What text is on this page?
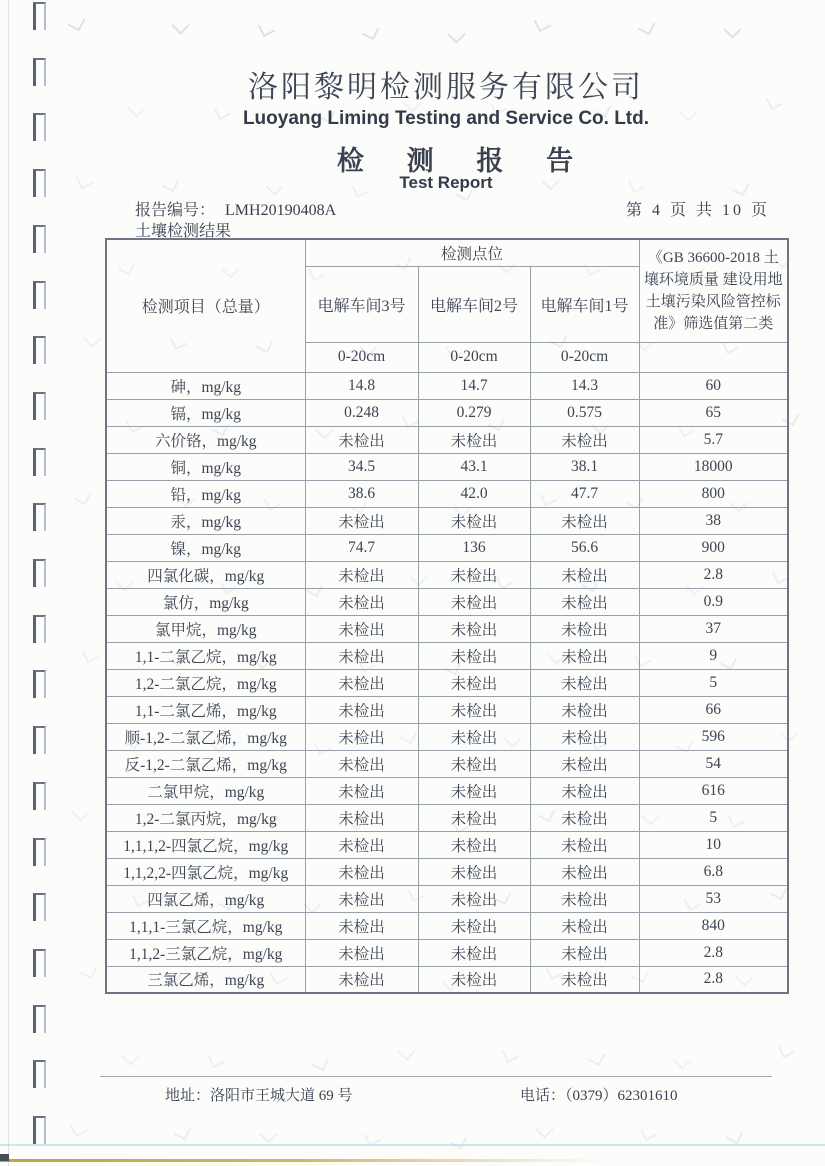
洛阳黎明检测服务有限公司
Luoyang Liming Testing and Service Co. Ltd.
检 测 报 告
Test Report
报告编号： LMH20190408A	第 4 页 共 10 页
土壤检测结果
检测项目（总量）	检测点位			《GB 36600-2018 土壤环境质量 建设用地土壤污染风险管控标准》筛选值第二类
	电解车间3号	电解车间2号	电解车间1号	
	0-20cm	0-20cm	0-20cm	
砷，mg/kg	14.8	14.7	14.3	60
镉，mg/kg	0.248	0.279	0.575	65
六价铬，mg/kg	未检出	未检出	未检出	5.7
铜，mg/kg	34.5	43.1	38.1	18000
铅，mg/kg	38.6	42.0	47.7	800
汞，mg/kg	未检出	未检出	未检出	38
镍，mg/kg	74.7	136	56.6	900
四氯化碳，mg/kg	未检出	未检出	未检出	2.8
氯仿，mg/kg	未检出	未检出	未检出	0.9
氯甲烷，mg/kg	未检出	未检出	未检出	37
1,1-二氯乙烷，mg/kg	未检出	未检出	未检出	9
1,2-二氯乙烷，mg/kg	未检出	未检出	未检出	5
1,1-二氯乙烯，mg/kg	未检出	未检出	未检出	66
顺-1,2-二氯乙烯，mg/kg	未检出	未检出	未检出	596
反-1,2-二氯乙烯，mg/kg	未检出	未检出	未检出	54
二氯甲烷，mg/kg	未检出	未检出	未检出	616
1,2-二氯丙烷，mg/kg	未检出	未检出	未检出	5
1,1,1,2-四氯乙烷，mg/kg	未检出	未检出	未检出	10
1,1,2,2-四氯乙烷，mg/kg	未检出	未检出	未检出	6.8
四氯乙烯，mg/kg	未检出	未检出	未检出	53
1,1,1-三氯乙烷，mg/kg	未检出	未检出	未检出	840
1,1,2-三氯乙烷，mg/kg	未检出	未检出	未检出	2.8
三氯乙烯，mg/kg	未检出	未检出	未检出	2.8
地址：洛阳市王城大道 69 号	电话：（0379）62301610
